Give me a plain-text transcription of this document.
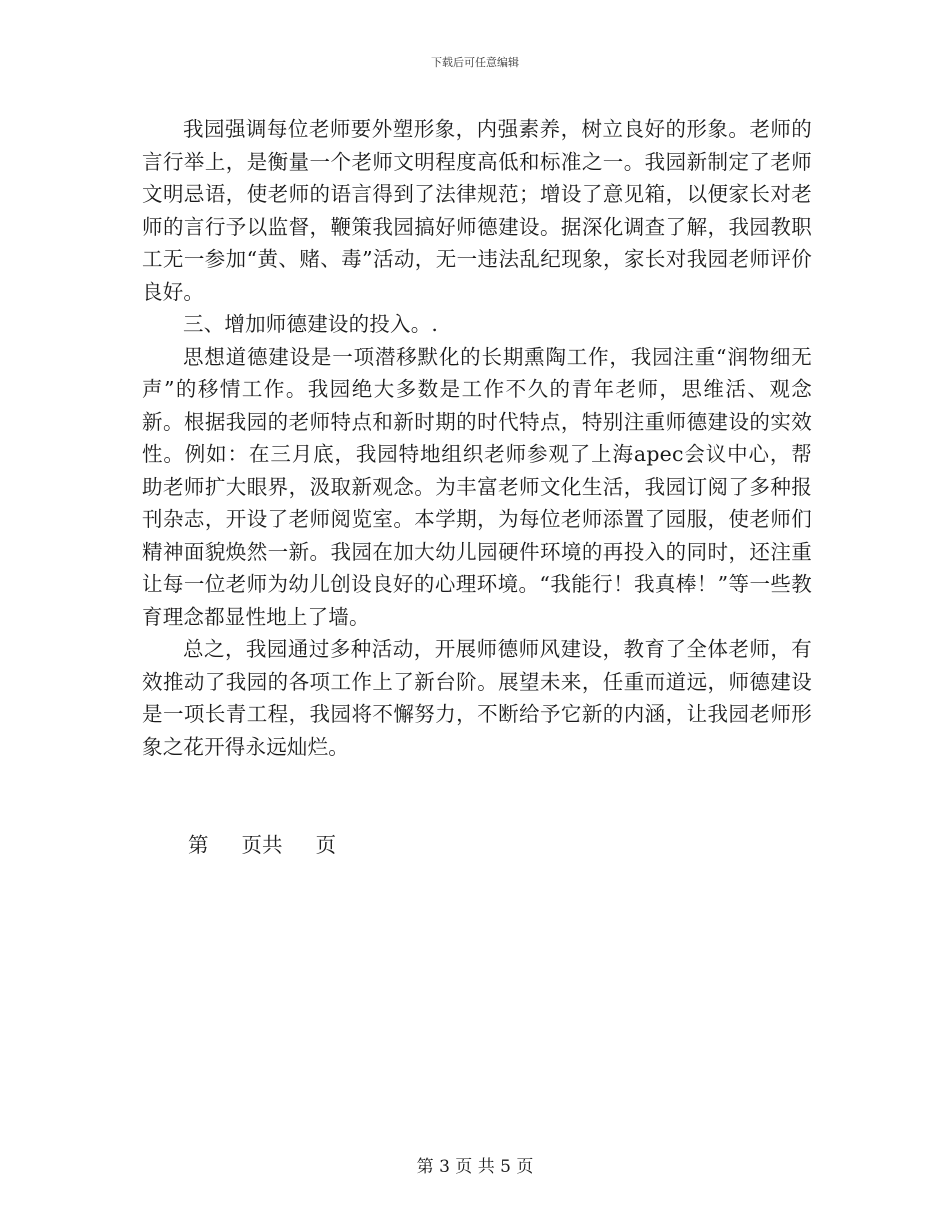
下载后可任意编辑

我园强调每位老师要外塑形象，内强素养，树立良好的形象。老师的言行举上，是衡量一个老师文明程度高低和标准之一。我园新制定了老师文明忌语，使老师的语言得到了法律规范；增设了意见箱，以便家长对老师的言行予以监督，鞭策我园搞好师德建设。据深化调查了解，我园教职工无一参加“黄、赌、毒”活动，无一违法乱纪现象，家长对我园老师评价良好。

三、增加师德建设的投入。.

思想道德建设是一项潜移默化的长期熏陶工作，我园注重“润物细无声”的移情工作。我园绝大多数是工作不久的青年老师，思维活、观念新。根据我园的老师特点和新时期的时代特点，特别注重师德建设的实效性。例如：在三月底，我园特地组织老师参观了上海apec会议中心，帮助老师扩大眼界，汲取新观念。为丰富老师文化生活，我园订阅了多种报刊杂志，开设了老师阅览室。本学期，为每位老师添置了园服，使老师们精神面貌焕然一新。我园在加大幼儿园硬件环境的再投入的同时，还注重让每一位老师为幼儿创设良好的心理环境。“我能行！我真棒！”等一些教育理念都显性地上了墙。

总之，我园通过多种活动，开展师德师风建设，教育了全体老师，有效推动了我园的各项工作上了新台阶。展望未来，任重而道远，师德建设是一项长青工程，我园将不懈努力，不断给予它新的内涵，让我园老师形象之花开得永远灿烂。

第  页共  页
第 3 页 共 5 页
